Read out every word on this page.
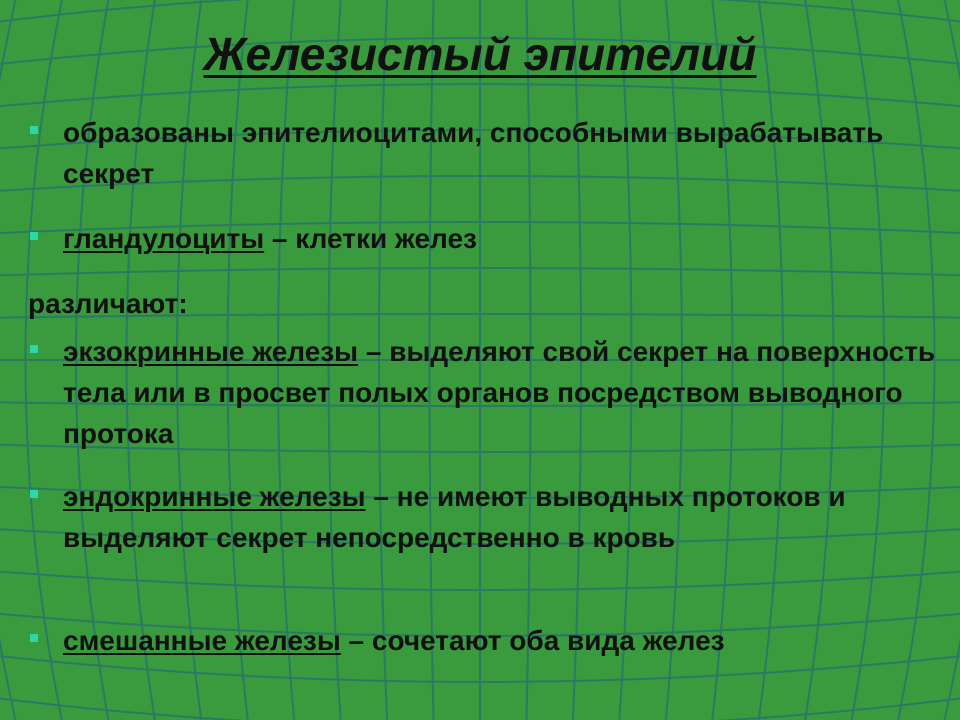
Железистый эпителий
образованы эпителиоцитами, способными вырабатывать секрет
гландулоциты – клетки желез
различают:
экзокринные железы – выделяют свой секрет на поверхность тела или в просвет полых органов посредством выводного протока
эндокринные железы – не имеют выводных протоков и выделяют секрет непосредственно в кровь
смешанные железы – сочетают оба вида желез
